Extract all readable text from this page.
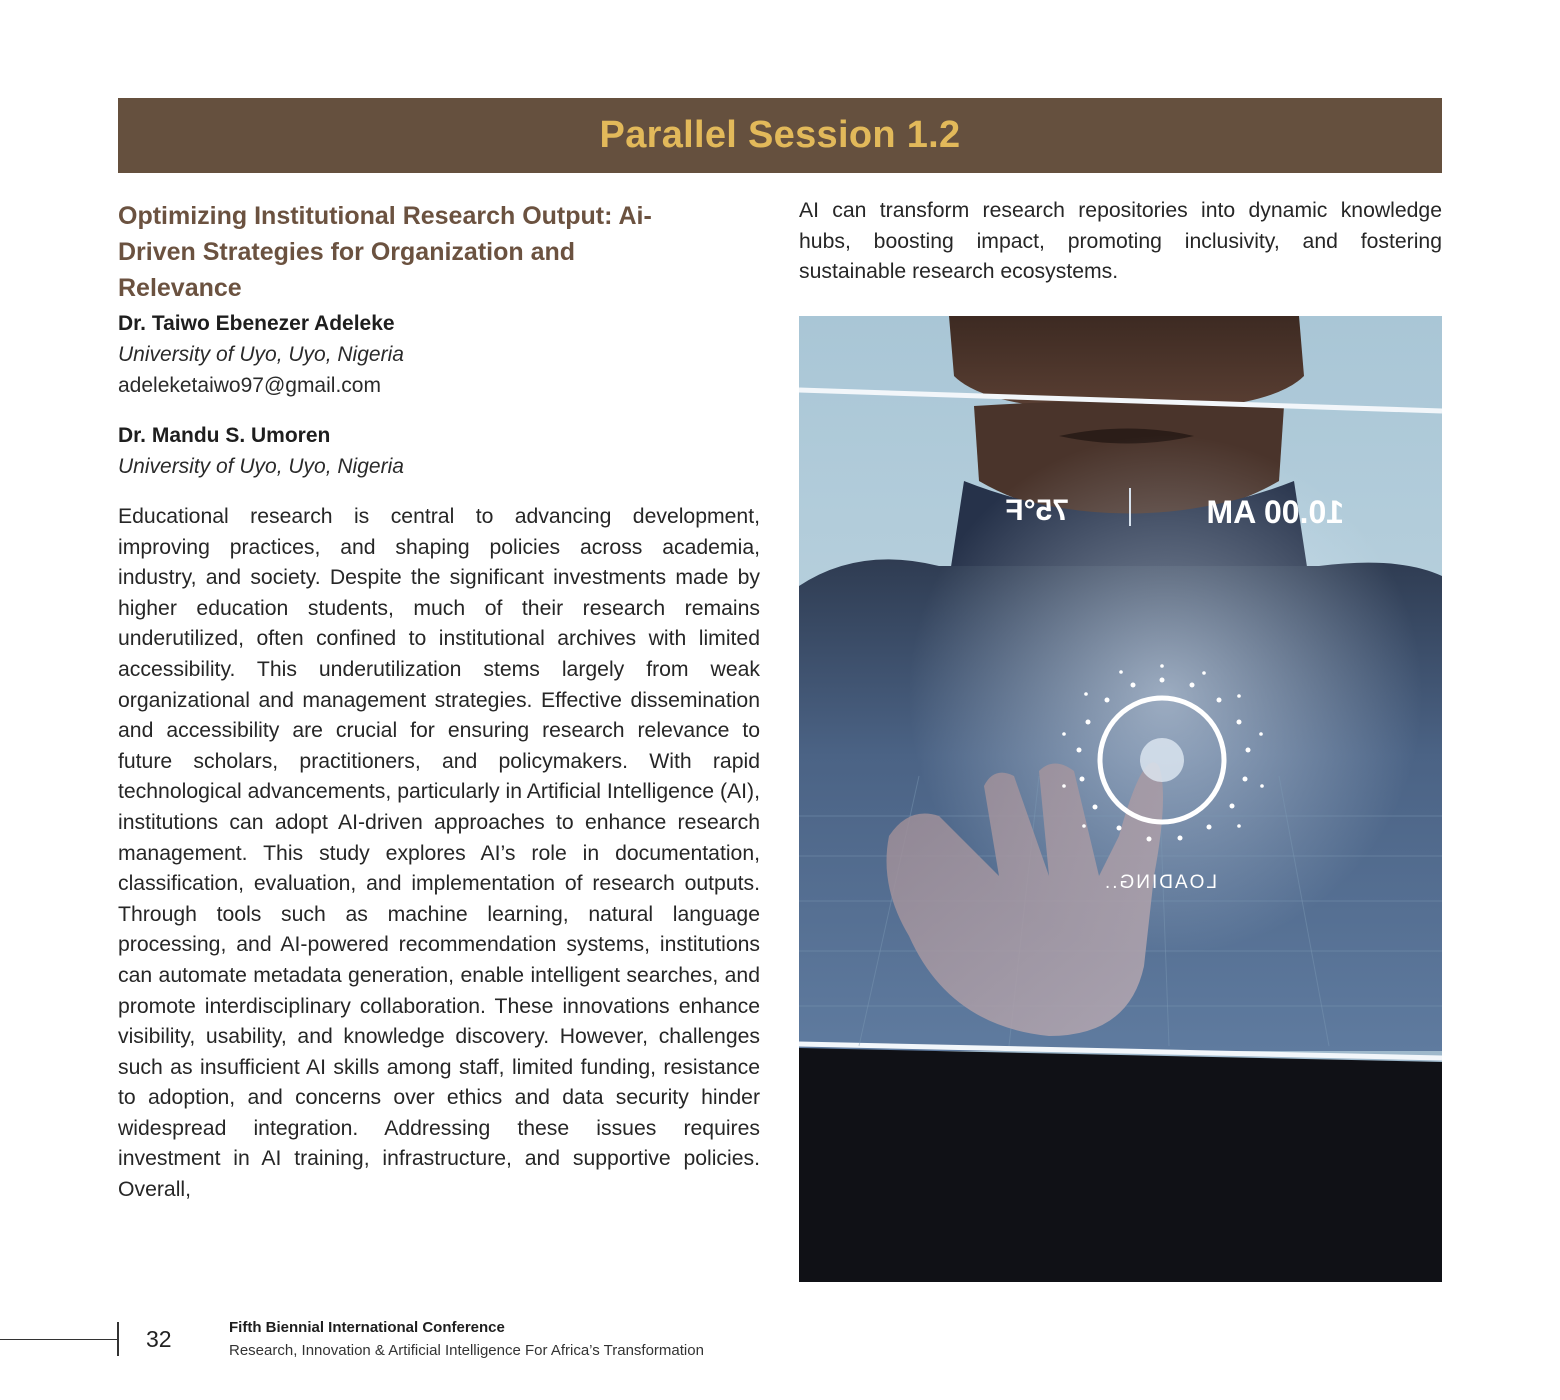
Parallel Session 1.2
Optimizing Institutional Research Output: Ai-Driven Strategies for Organization and Relevance
Dr. Taiwo Ebenezer Adeleke
University of Uyo, Uyo, Nigeria
adeleketaiwo97@gmail.com
Dr. Mandu S. Umoren
University of Uyo, Uyo, Nigeria
Educational research is central to advancing development, improving practices, and shaping policies across academia, industry, and society. Despite the significant investments made by higher education students, much of their research remains underutilized, often confined to institutional archives with limited accessibility. This underutilization stems largely from weak organizational and management strategies. Effective dissemination and accessibility are crucial for ensuring research relevance to future scholars, practitioners, and policymakers. With rapid technological advancements, particularly in Artificial Intelligence (AI), institutions can adopt AI-driven approaches to enhance research management. This study explores AI’s role in documentation, classification, evaluation, and implementation of research outputs. Through tools such as machine learning, natural language processing, and AI-powered recommendation systems, institutions can automate metadata generation, enable intelligent searches, and promote interdisciplinary collaboration. These innovations enhance visibility, usability, and knowledge discovery. However, challenges such as insufficient AI skills among staff, limited funding, resistance to adoption, and concerns over ethics and data security hinder widespread integration. Addressing these issues requires investment in AI training, infrastructure, and supportive policies. Overall,
AI can transform research repositories into dynamic knowledge hubs, boosting impact, promoting inclusivity, and fostering sustainable research ecosystems.
75°F	10.00 AM
LOADING..
32	Fifth Biennial International Conference
Research, Innovation & Artificial Intelligence For Africa’s Transformation
